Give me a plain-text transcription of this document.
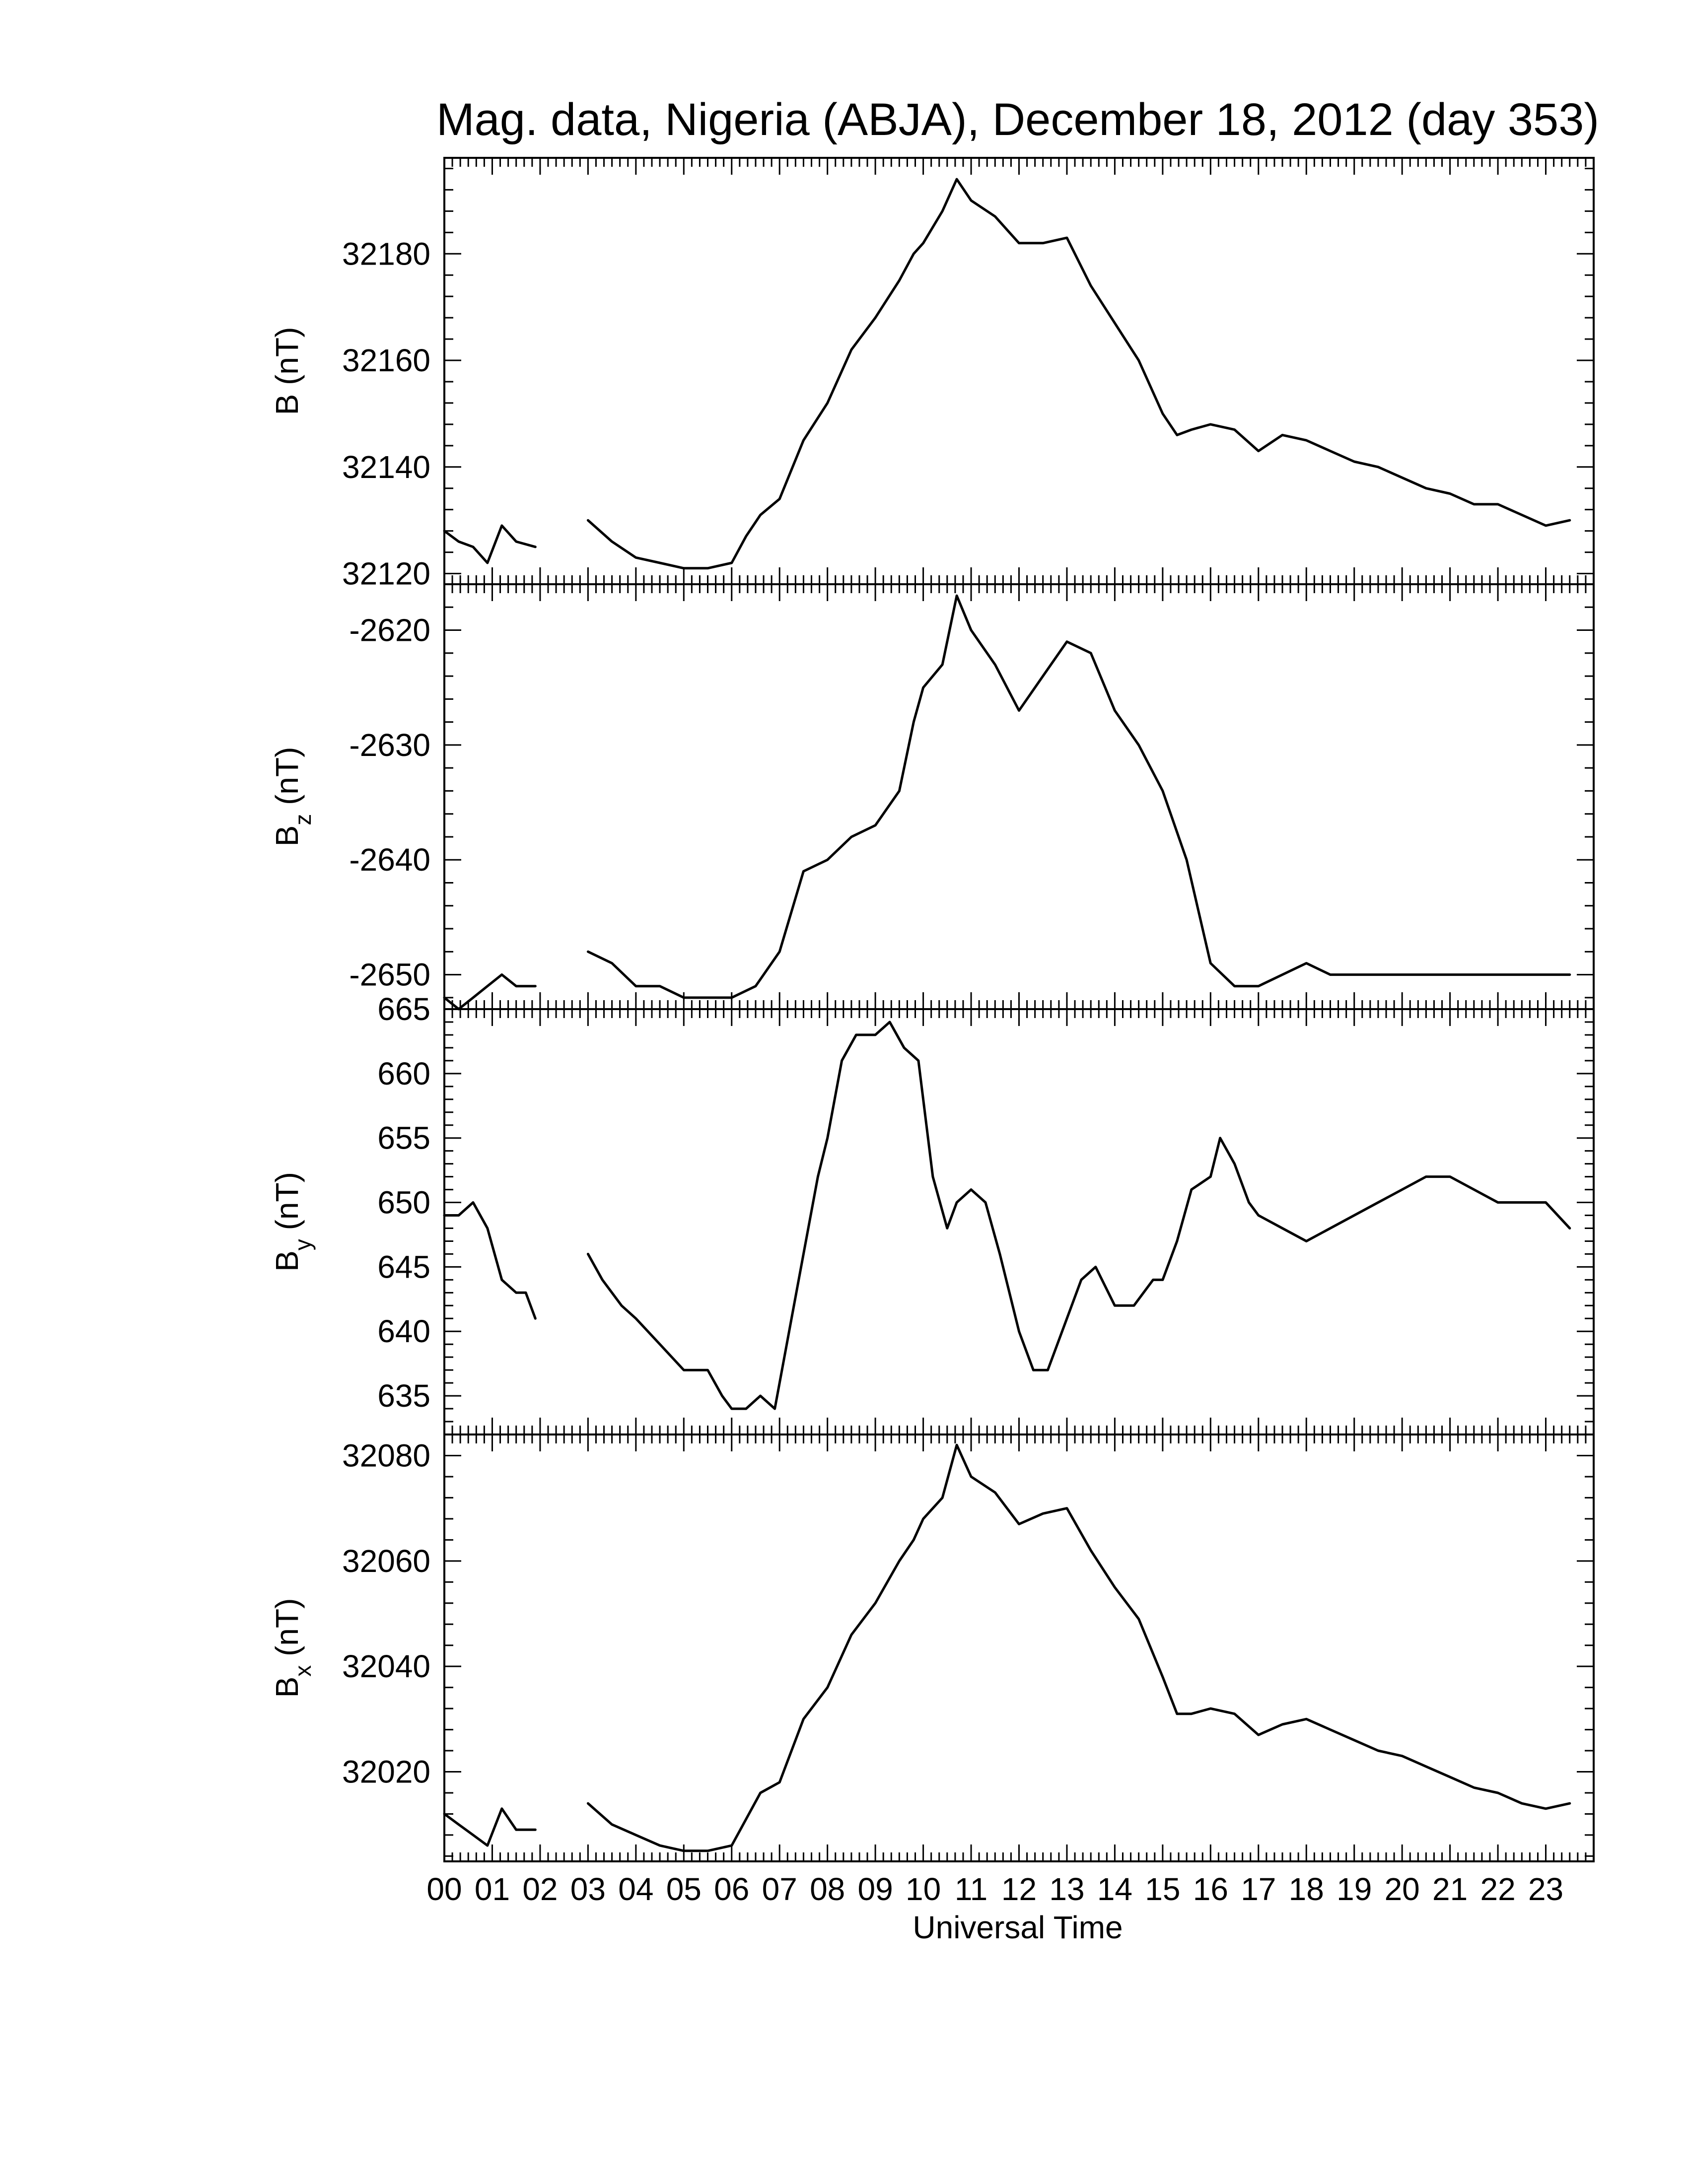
Mag. data, Nigeria (ABJA), December 18, 2012 (day 353)
32120
32140
32160
32180
B (nT)
-2620
-2630
-2640
-2650
$B_z$ (nT)
635
640
645
650
655
660
665
$B_y$ (nT)
32020
32040
32060
32080
$B_x$ (nT)
00 01 02 03 04 05 06 07 08 09 10 11 12 13 14 15 16 17 18 19 20 21 22 23
Universal Time
